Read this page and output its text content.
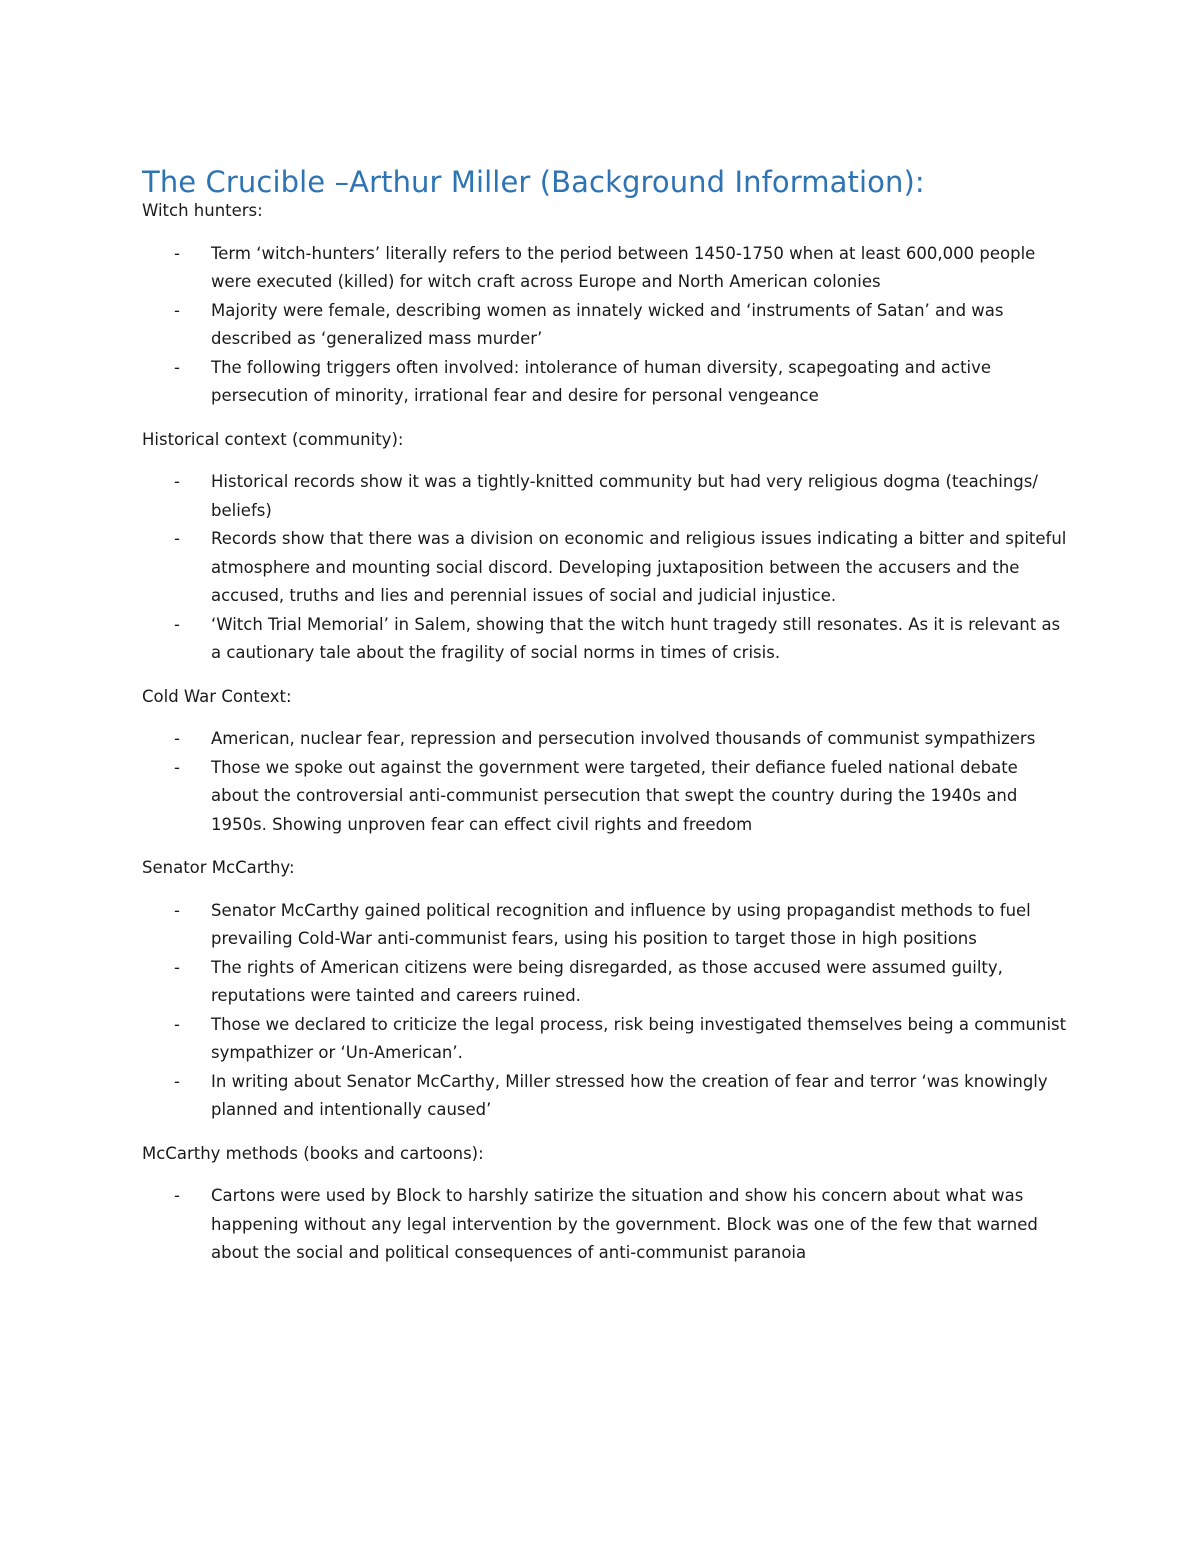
The Crucible –Arthur Miller (Background Information):

Witch hunters:

- Term ‘witch-hunters’ literally refers to the period between 1450-1750 when at least 600,000 people were executed (killed) for witch craft across Europe and North American colonies
- Majority were female, describing women as innately wicked and ‘instruments of Satan’ and was described as ‘generalized mass murder’
- The following triggers often involved: intolerance of human diversity, scapegoating and active persecution of minority, irrational fear and desire for personal vengeance

Historical context (community):

- Historical records show it was a tightly-knitted community but had very religious dogma (teachings/ beliefs)
- Records show that there was a division on economic and religious issues indicating a bitter and spiteful atmosphere and mounting social discord. Developing juxtaposition between the accusers and the accused, truths and lies and perennial issues of social and judicial injustice.
- ‘Witch Trial Memorial’ in Salem, showing that the witch hunt tragedy still resonates. As it is relevant as a cautionary tale about the fragility of social norms in times of crisis.

Cold War Context:

- American, nuclear fear, repression and persecution involved thousands of communist sympathizers
- Those we spoke out against the government were targeted, their defiance fueled national debate about the controversial anti-communist persecution that swept the country during the 1940s and 1950s. Showing unproven fear can effect civil rights and freedom

Senator McCarthy:

- Senator McCarthy gained political recognition and influence by using propagandist methods to fuel prevailing Cold-War anti-communist fears, using his position to target those in high positions
- The rights of American citizens were being disregarded, as those accused were assumed guilty, reputations were tainted and careers ruined.
- Those we declared to criticize the legal process, risk being investigated themselves being a communist sympathizer or ‘Un-American’.
- In writing about Senator McCarthy, Miller stressed how the creation of fear and terror ‘was knowingly planned and intentionally caused’

McCarthy methods (books and cartoons):

- Cartons were used by Block to harshly satirize the situation and show his concern about what was happening without any legal intervention by the government. Block was one of the few that warned about the social and political consequences of anti-communist paranoia
